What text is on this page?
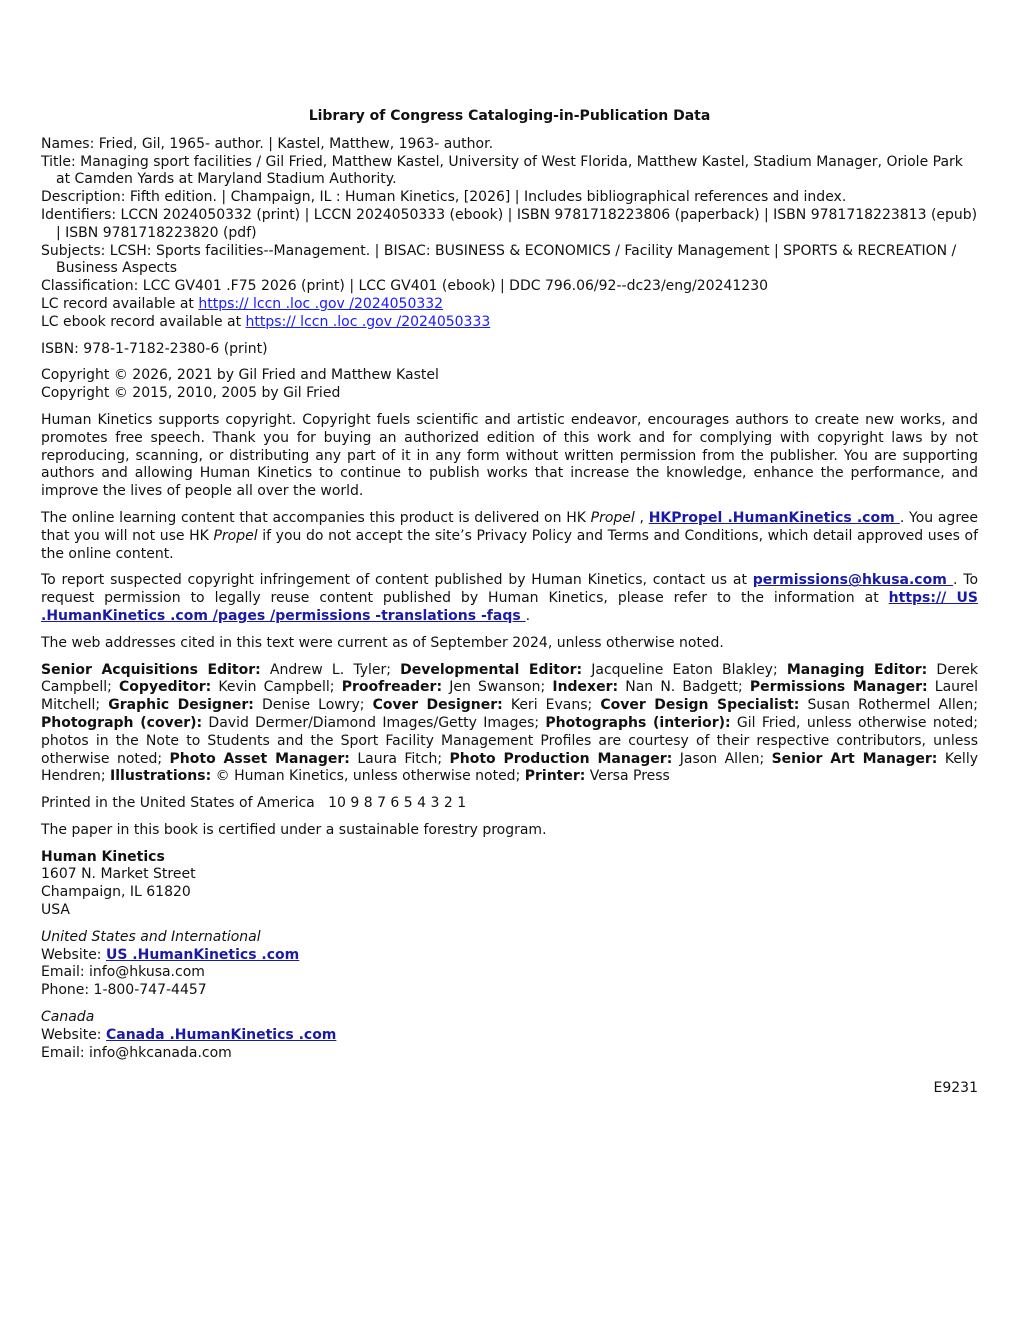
Library of Congress Cataloging-in-Publication Data

Names: Fried, Gil, 1965- author. | Kastel, Matthew, 1963- author.

Title: Managing sport facilities / Gil Fried, Matthew Kastel, University of West Florida, Matthew Kastel, Stadium Manager, Oriole Park at Camden Yards at Maryland Stadium Authority.

Description: Fifth edition. | Champaign, IL : Human Kinetics, [2026] | Includes bibliographical references and index.

Identifiers: LCCN 2024050332 (print) | LCCN 2024050333 (ebook) | ISBN 9781718223806 (paperback) | ISBN 9781718223813 (epub) | ISBN 9781718223820 (pdf)

Subjects: LCSH: Sports facilities--Management. | BISAC: BUSINESS & ECONOMICS / Facility Management | SPORTS & RECREATION / Business Aspects

Classification: LCC GV401 .F75 2026 (print) | LCC GV401 (ebook) | DDC 796.06/92--dc23/eng/20241230

LC record available at https:// lccn .loc .gov /2024050332

LC ebook record available at https:// lccn .loc .gov /2024050333

ISBN: 978-1-7182-2380-6 (print)

Copyright © 2026, 2021 by Gil Fried and Matthew Kastel

Copyright © 2015, 2010, 2005 by Gil Fried

Human Kinetics supports copyright. Copyright fuels scientific and artistic endeavor, encourages authors to create new works, and promotes free speech. Thank you for buying an authorized edition of this work and for complying with copyright laws by not reproducing, scanning, or distributing any part of it in any form without written permission from the publisher. You are supporting authors and allowing Human Kinetics to continue to publish works that increase the knowledge, enhance the performance, and improve the lives of people all over the world.

The online learning content that accompanies this product is delivered on HK Propel , HKPropel .HumanKinetics .com . You agree that you will not use HK Propel if you do not accept the site’s Privacy Policy and Terms and Conditions, which detail approved uses of the online content.

To report suspected copyright infringement of content published by Human Kinetics, contact us at permissions@hkusa.com . To request permission to legally reuse content published by Human Kinetics, please refer to the information at https:// US .HumanKinetics .com /pages /permissions -translations -faqs .

The web addresses cited in this text were current as of September 2024, unless otherwise noted.

Senior Acquisitions Editor: Andrew L. Tyler; Developmental Editor: Jacqueline Eaton Blakley; Managing Editor: Derek Campbell; Copyeditor: Kevin Campbell; Proofreader: Jen Swanson; Indexer: Nan N. Badgett; Permissions Manager: Laurel Mitchell; Graphic Designer: Denise Lowry; Cover Designer: Keri Evans; Cover Design Specialist: Susan Rothermel Allen; Photograph (cover): David Dermer/Diamond Images/Getty Images; Photographs (interior): Gil Fried, unless otherwise noted; photos in the Note to Students and the Sport Facility Management Profiles are courtesy of their respective contributors, unless otherwise noted; Photo Asset Manager: Laura Fitch; Photo Production Manager: Jason Allen; Senior Art Manager: Kelly Hendren; Illustrations: © Human Kinetics, unless otherwise noted; Printer: Versa Press

Printed in the United States of America   10 9 8 7 6 5 4 3 2 1

The paper in this book is certified under a sustainable forestry program.

Human Kinetics

1607 N. Market Street

Champaign, IL 61820

USA

United States and International

Website: US .HumanKinetics .com

Email: info@hkusa.com

Phone: 1-800-747-4457

Canada

Website: Canada .HumanKinetics .com

Email: info@hkcanada.com

E9231
